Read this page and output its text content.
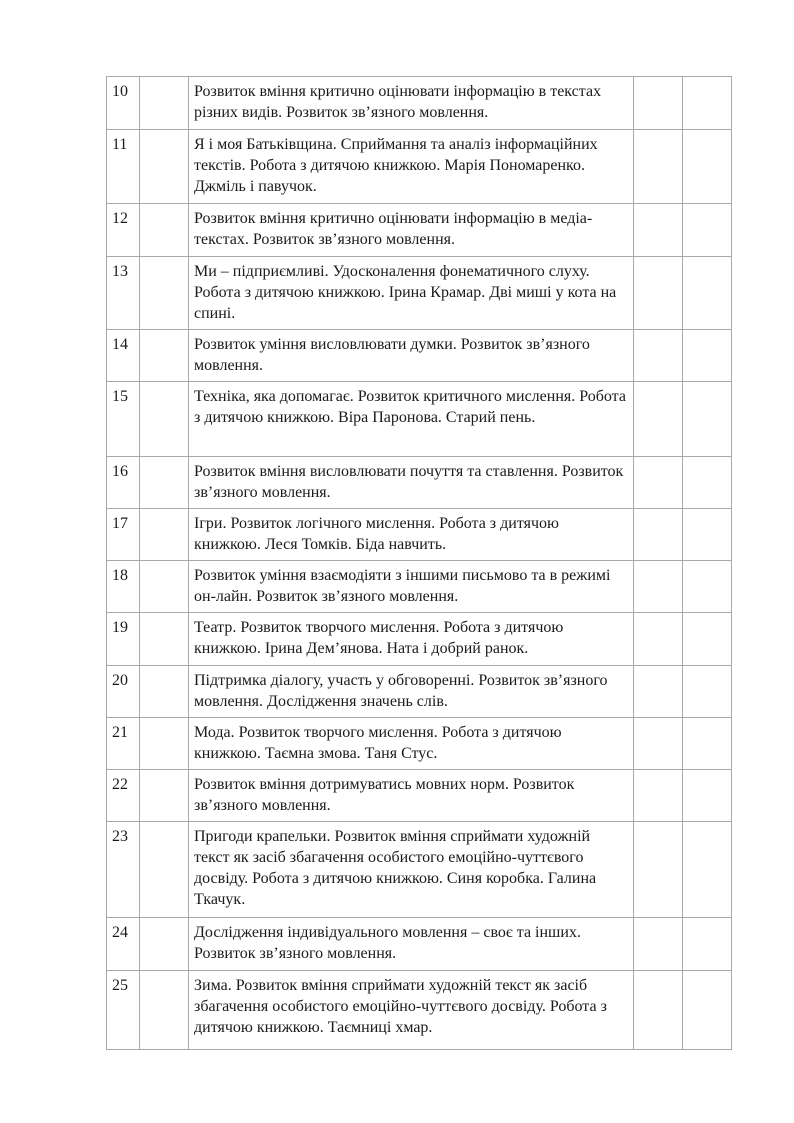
10		Розвиток вміння критично оцінювати інформацію в текстах різних видів. Розвиток зв’язного мовлення.		
11		Я і моя Батьківщина. Сприймання та аналіз інформаційних текстів. Робота з дитячою книжкою. Марія Пономаренко. Джміль і павучок.		
12		Розвиток вміння критично оцінювати інформацію в медіа-текстах. Розвиток зв’язного мовлення.		
13		Ми – підприємливі. Удосконалення фонематичного слуху. Робота з дитячою книжкою. Ірина Крамар. Дві миші у кота на спині.		
14		Розвиток уміння висловлювати думки. Розвиток зв’язного мовлення.		
15		Техніка, яка допомагає. Розвиток критичного мислення. Робота з дитячою книжкою. Віра Паронова. Старий пень.		
16		Розвиток вміння висловлювати почуття та ставлення. Розвиток зв’язного мовлення.		
17		Ігри. Розвиток логічного мислення. Робота з дитячою книжкою. Леся Томків. Біда навчить.		
18		Розвиток уміння взаємодіяти з іншими письмово та в режимі он-лайн. Розвиток зв’язного мовлення.		
19		Театр. Розвиток творчого мислення. Робота з дитячою книжкою. Ірина Дем’янова. Ната і добрий ранок.		
20		Підтримка діалогу, участь у обговоренні. Розвиток зв’язного мовлення. Дослідження значень слів.		
21		Мода. Розвиток творчого мислення. Робота з дитячою книжкою. Таємна змова. Таня Стус.		
22		Розвиток вміння дотримуватись мовних норм. Розвиток зв’язного мовлення.		
23		Пригоди крапельки. Розвиток вміння сприймати художній текст як засіб збагачення особистого емоційно-чуттєвого досвіду. Робота з дитячою книжкою. Синя коробка. Галина Ткачук.		
24		Дослідження індивідуального мовлення – своє та інших. Розвиток зв’язного мовлення.		
25		Зима. Розвиток вміння сприймати художній текст як засіб збагачення особистого емоційно-чуттєвого досвіду. Робота з дитячою книжкою. Таємниці хмар.		
